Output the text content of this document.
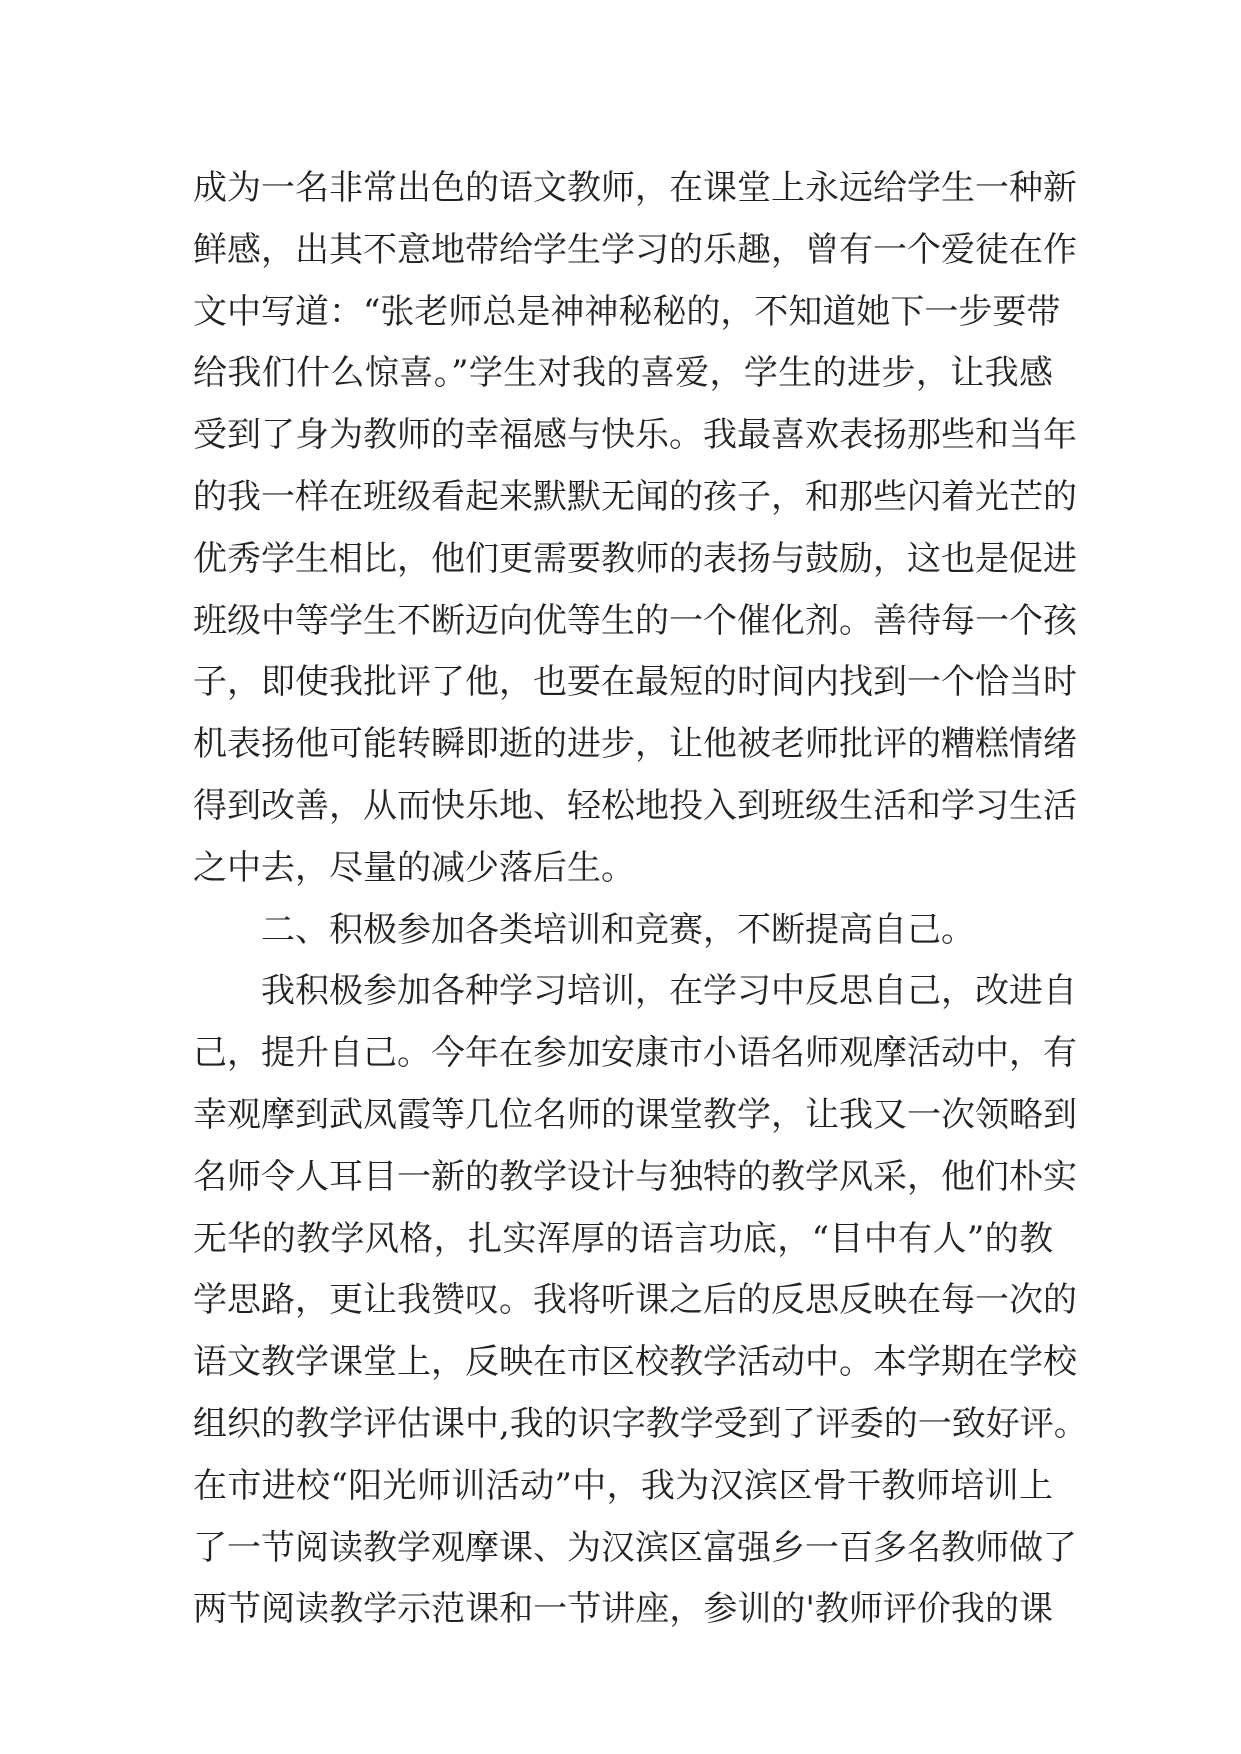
成为一名非常出色的语文教师，在课堂上永远给学生一种新
鲜感，出其不意地带给学生学习的乐趣，曾有一个爱徒在作
文中写道：“张老师总是神神秘秘的，不知道她下一步要带
给我们什么惊喜。”学生对我的喜爱，学生的进步，让我感
受到了身为教师的幸福感与快乐。我最喜欢表扬那些和当年
的我一样在班级看起来默默无闻的孩子，和那些闪着光芒的
优秀学生相比，他们更需要教师的表扬与鼓励，这也是促进
班级中等学生不断迈向优等生的一个催化剂。善待每一个孩
子，即使我批评了他，也要在最短的时间内找到一个恰当时
机表扬他可能转瞬即逝的进步，让他被老师批评的糟糕情绪
得到改善，从而快乐地、轻松地投入到班级生活和学习生活
之中去，尽量的减少落后生。
二、积极参加各类培训和竞赛，不断提高自己。
我积极参加各种学习培训，在学习中反思自己，改进自
己，提升自己。今年在参加安康市小语名师观摩活动中，有
幸观摩到武凤霞等几位名师的课堂教学，让我又一次领略到
名师令人耳目一新的教学设计与独特的教学风采，他们朴实
无华的教学风格，扎实浑厚的语言功底，“目中有人”的教
学思路，更让我赞叹。我将听课之后的反思反映在每一次的
语文教学课堂上，反映在市区校教学活动中。本学期在学校
组织的教学评估课中,我的识字教学受到了评委的一致好评。
在市进校“阳光师训活动”中，我为汉滨区骨干教师培训上
了一节阅读教学观摩课、为汉滨区富强乡一百多名教师做了
两节阅读教学示范课和一节讲座，参训的'教师评价我的课
